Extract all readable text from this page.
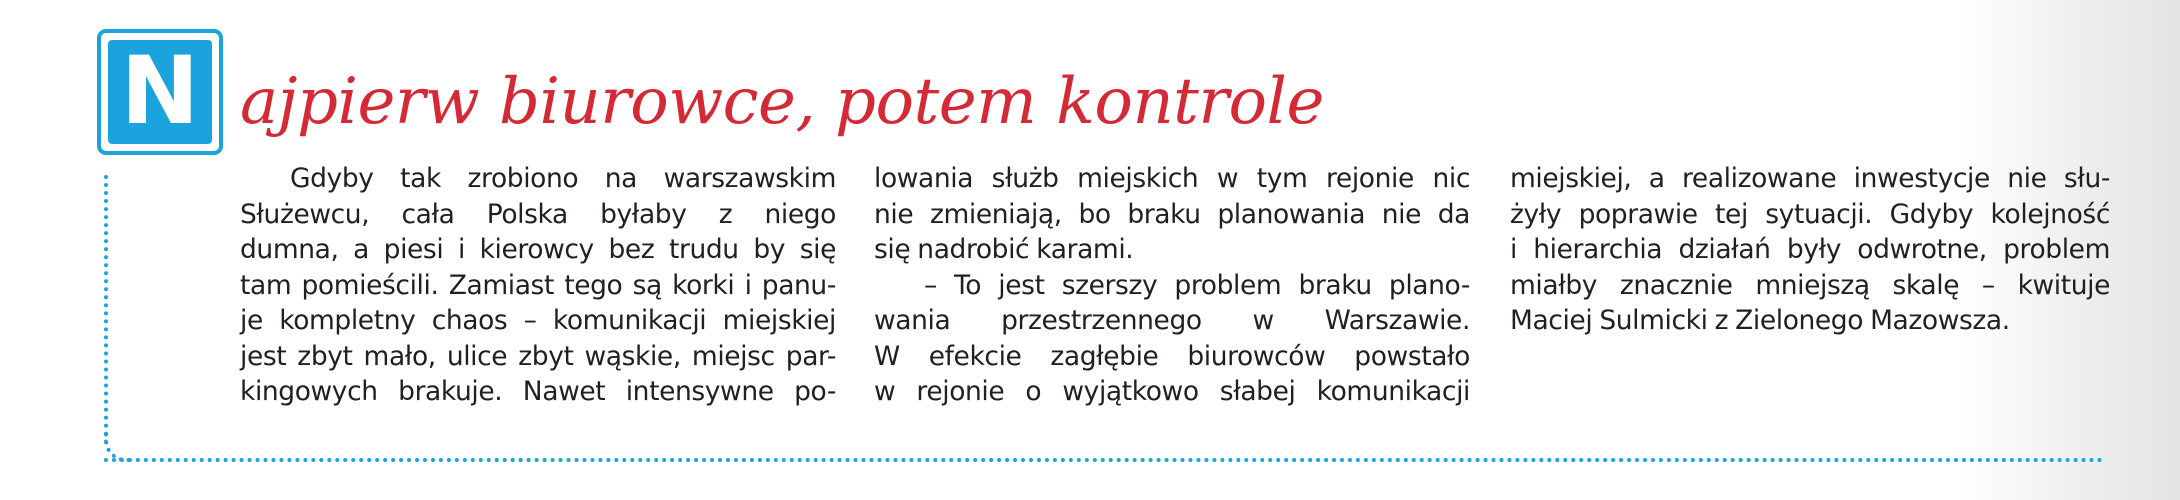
N ajpierw biurowce, potem kontrole
Gdyby tak zrobiono na warszawskim
Służewcu, cała Polska byłaby z niego
dumna, a piesi i kierowcy bez trudu by się
tam pomieścili. Zamiast tego są korki i panu-
je kompletny chaos – komunikacji miejskiej
jest zbyt mało, ulice zbyt wąskie, miejsc par-
kingowych brakuje. Nawet intensywne po-
lowania służb miejskich w tym rejonie nic
nie zmieniają, bo braku planowania nie da
się nadrobić karami.
– To jest szerszy problem braku plano-
wania przestrzennego w Warszawie.
W efekcie zagłębie biurowców powstało
w rejonie o wyjątkowo słabej komunikacji
miejskiej, a realizowane inwestycje nie słu-
żyły poprawie tej sytuacji. Gdyby kolejność
i hierarchia działań były odwrotne, problem
miałby znacznie mniejszą skalę – kwituje
Maciej Sulmicki z Zielonego Mazowsza.
